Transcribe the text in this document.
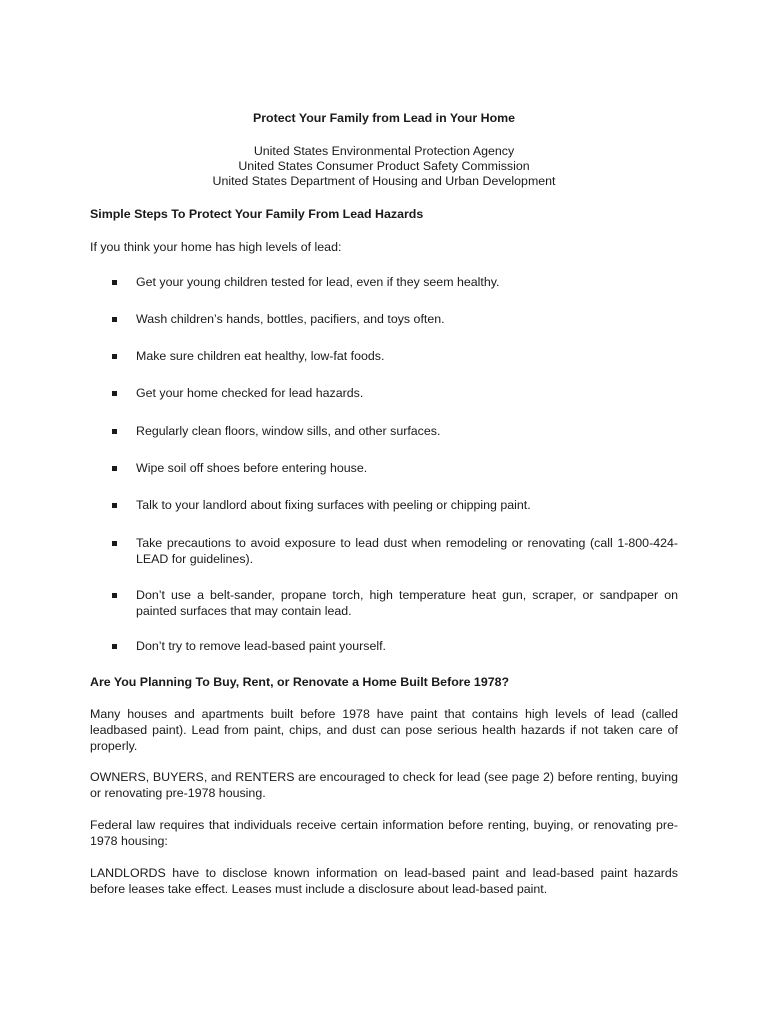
Protect Your Family from Lead in Your Home
United States Environmental Protection Agency
United States Consumer Product Safety Commission
United States Department of Housing and Urban Development
Simple Steps To Protect Your Family From Lead Hazards
If you think your home has high levels of lead:
Get your young children tested for lead, even if they seem healthy.
Wash children’s hands, bottles, pacifiers, and toys often.
Make sure children eat healthy, low-fat foods.
Get your home checked for lead hazards.
Regularly clean floors, window sills, and other surfaces.
Wipe soil off shoes before entering house.
Talk to your landlord about fixing surfaces with peeling or chipping paint.
Take precautions to avoid exposure to lead dust when remodeling or renovating (call 1-800-424-LEAD for guidelines).
Don’t use a belt-sander, propane torch, high temperature heat gun, scraper, or sandpaper on painted surfaces that may contain lead.
Don’t try to remove lead-based paint yourself.
Are You Planning To Buy, Rent, or Renovate a Home Built Before 1978?
Many houses and apartments built before 1978 have paint that contains high levels of lead (called leadbased paint). Lead from paint, chips, and dust can pose serious health hazards if not taken care of properly.
OWNERS, BUYERS, and RENTERS are encouraged to check for lead (see page 2) before renting, buying or renovating pre-1978 housing.
Federal law requires that individuals receive certain information before renting, buying, or renovating pre-1978 housing:
LANDLORDS have to disclose known information on lead-based paint and lead-based paint hazards before leases take effect. Leases must include a disclosure about lead-based paint.
